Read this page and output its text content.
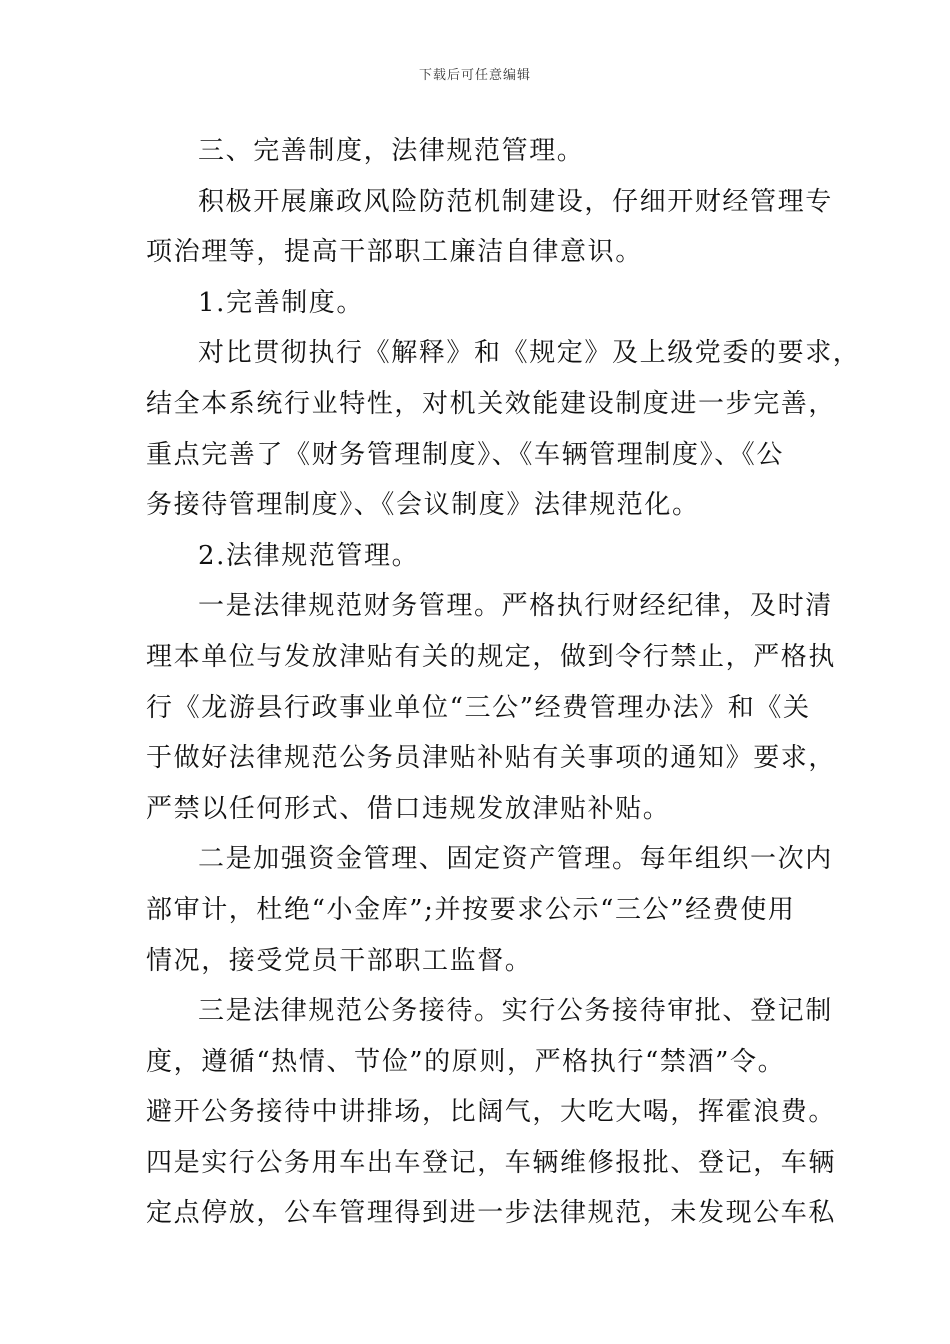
下载后可任意编辑
三、完善制度，法律规范管理。
积极开展廉政风险防范机制建设，仔细开财经管理专
项治理等，提高干部职工廉洁自律意识。
1.完善制度。
对比贯彻执行《解释》和《规定》及上级党委的要求，
结全本系统行业特性，对机关效能建设制度进一步完善，
重点完善了《财务管理制度》、《车辆管理制度》、《公
务接待管理制度》、《会议制度》法律规范化。
2.法律规范管理。
一是法律规范财务管理。严格执行财经纪律，及时清
理本单位与发放津贴有关的规定，做到令行禁止，严格执
行《龙游县行政事业单位“三公”经费管理办法》和《关
于做好法律规范公务员津贴补贴有关事项的通知》要求，
严禁以任何形式、借口违规发放津贴补贴。
二是加强资金管理、固定资产管理。每年组织一次内
部审计，杜绝“小金库”;并按要求公示“三公”经费使用
情况，接受党员干部职工监督。
三是法律规范公务接待。实行公务接待审批、登记制
度，遵循“热情、节俭”的原则，严格执行“禁酒”令。
避开公务接待中讲排场，比阔气，大吃大喝，挥霍浪费。
四是实行公务用车出车登记，车辆维修报批、登记，车辆
定点停放，公车管理得到进一步法律规范，未发现公车私
